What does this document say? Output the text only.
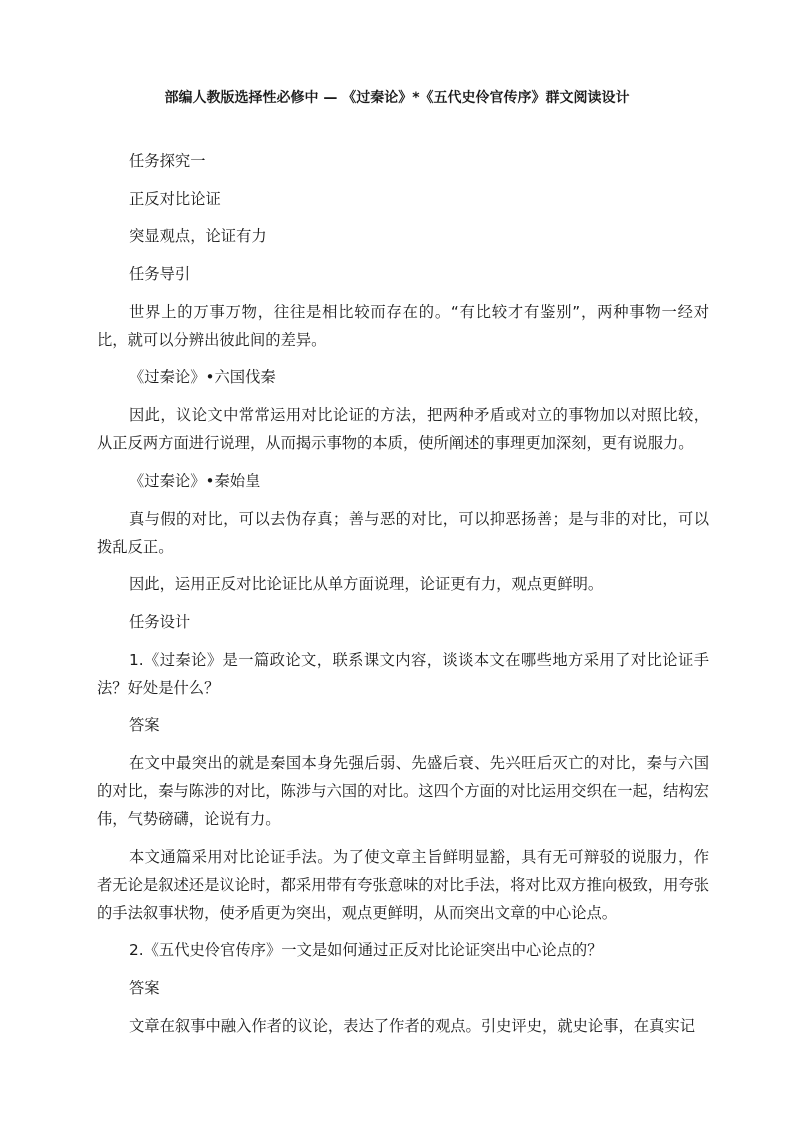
部编人教版选择性必修中 — 《过秦论》*《五代史伶官传序》群文阅读设计

任务探究一

正反对比论证

突显观点，论证有力

任务导引

世界上的万事万物，往往是相比较而存在的。“有比较才有鉴别”，两种事物一经对比，就可以分辨出彼此间的差异。

《过秦论》•六国伐秦

因此，议论文中常常运用对比论证的方法，把两种矛盾或对立的事物加以对照比较，从正反两方面进行说理，从而揭示事物的本质，使所阐述的事理更加深刻，更有说服力。

《过秦论》•秦始皇

真与假的对比，可以去伪存真；善与恶的对比，可以抑恶扬善；是与非的对比，可以拨乱反正。

因此，运用正反对比论证比从单方面说理，论证更有力，观点更鲜明。

任务设计

1.《过秦论》是一篇政论文，联系课文内容，谈谈本文在哪些地方采用了对比论证手法？好处是什么？

答案

在文中最突出的就是秦国本身先强后弱、先盛后衰、先兴旺后灭亡的对比，秦与六国的对比，秦与陈涉的对比，陈涉与六国的对比。这四个方面的对比运用交织在一起，结构宏伟，气势磅礴，论说有力。

本文通篇采用对比论证手法。为了使文章主旨鲜明显豁，具有无可辩驳的说服力，作者无论是叙述还是议论时，都采用带有夸张意味的对比手法，将对比双方推向极致，用夸张的手法叙事状物，使矛盾更为突出，观点更鲜明，从而突出文章的中心论点。

2.《五代史伶官传序》一文是如何通过正反对比论证突出中心论点的？

答案

文章在叙事中融入作者的议论，表达了作者的观点。引史评史，就史论事，在真实记
